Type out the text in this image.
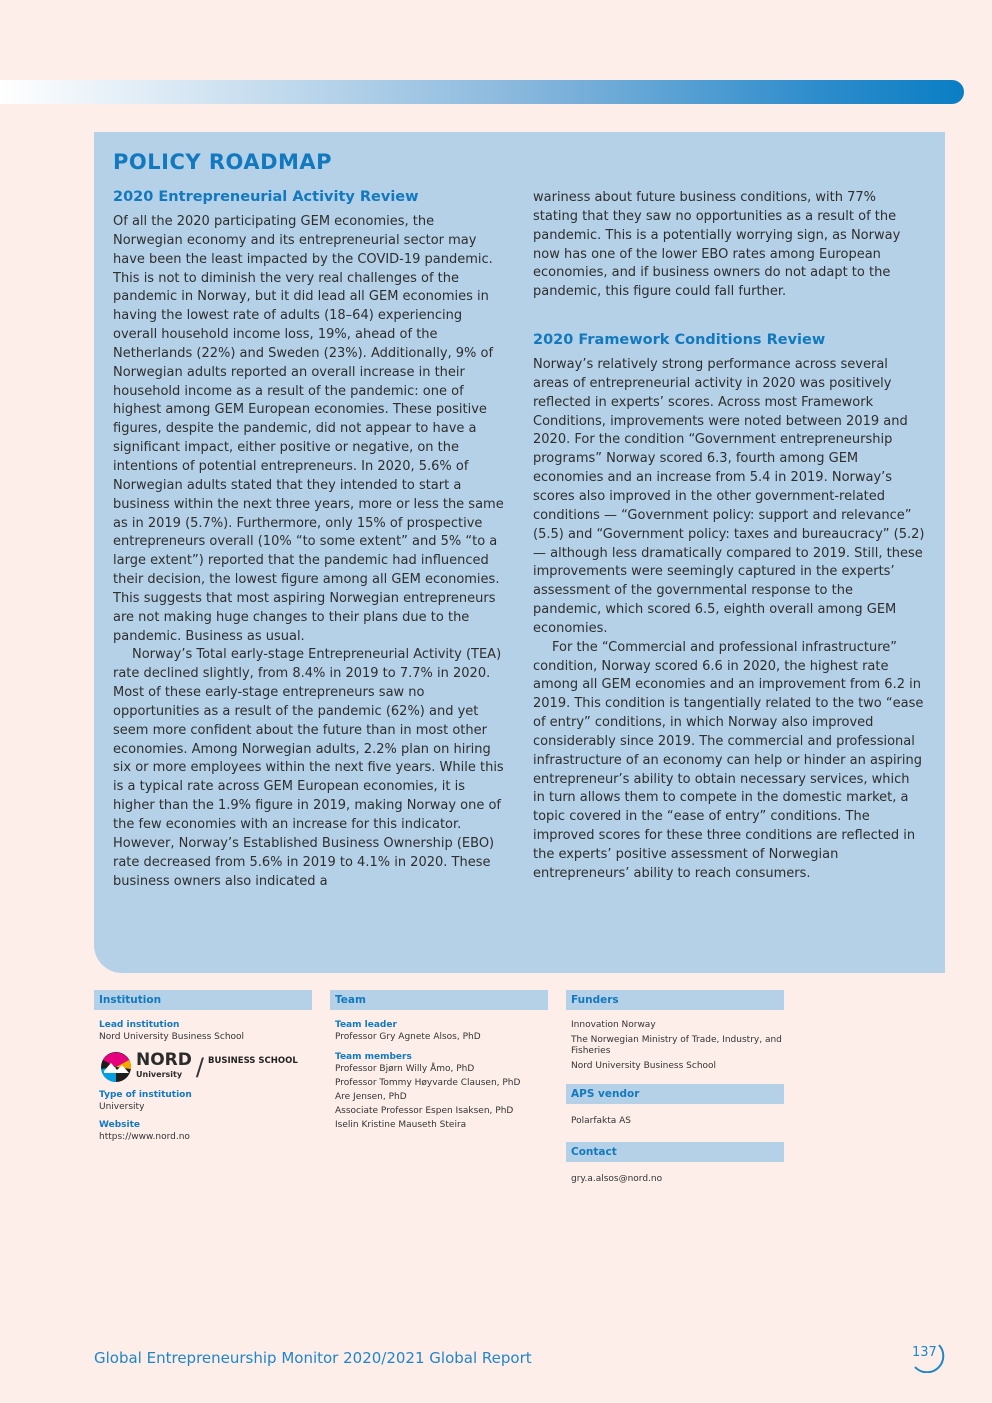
POLICY ROADMAP
2020 Entrepreneurial Activity Review

Of all the 2020 participating GEM economies, the Norwegian economy and its entrepreneurial sector may have been the least impacted by the COVID-19 pandemic. This is not to diminish the very real challenges of the pandemic in Norway, but it did lead all GEM economies in having the lowest rate of adults (18–64) experiencing overall household income loss, 19%, ahead of the Netherlands (22%) and Sweden (23%). Additionally, 9% of Norwegian adults reported an overall increase in their household income as a result of the pandemic: one of highest among GEM European economies. These positive figures, despite the pandemic, did not appear to have a significant impact, either positive or negative, on the intentions of potential entrepreneurs. In 2020, 5.6% of Norwegian adults stated that they intended to start a business within the next three years, more or less the same as in 2019 (5.7%). Furthermore, only 15% of prospective entrepreneurs overall (10% “to some extent” and 5% “to a large extent”) reported that the pandemic had influenced their decision, the lowest figure among all GEM economies. This suggests that most aspiring Norwegian entrepreneurs are not making huge changes to their plans due to the pandemic. Business as usual.

Norway’s Total early-stage Entrepreneurial Activity (TEA) rate declined slightly, from 8.4% in 2019 to 7.7% in 2020. Most of these early-stage entrepreneurs saw no opportunities as a result of the pandemic (62%) and yet seem more confident about the future than in most other economies. Among Norwegian adults, 2.2% plan on hiring six or more employees within the next five years. While this is a typical rate across GEM European economies, it is higher than the 1.9% figure in 2019, making Norway one of the few economies with an increase for this indicator. However, Norway’s Established Business Ownership (EBO) rate decreased from 5.6% in 2019 to 4.1% in 2020. These business owners also indicated a

wariness about future business conditions, with 77% stating that they saw no opportunities as a result of the pandemic. This is a potentially worrying sign, as Norway now has one of the lower EBO rates among European economies, and if business owners do not adapt to the pandemic, this figure could fall further.

2020 Framework Conditions Review

Norway’s relatively strong performance across several areas of entrepreneurial activity in 2020 was positively reflected in experts’ scores. Across most Framework Conditions, improvements were noted between 2019 and 2020. For the condition “Government entrepreneurship programs” Norway scored 6.3, fourth among GEM economies and an increase from 5.4 in 2019. Norway’s scores also improved in the other government-related conditions — “Government policy: support and relevance” (5.5) and “Government policy: taxes and bureaucracy” (5.2) — although less dramatically compared to 2019. Still, these improvements were seemingly captured in the experts’ assessment of the governmental response to the pandemic, which scored 6.5, eighth overall among GEM economies.

For the “Commercial and professional infrastructure” condition, Norway scored 6.6 in 2020, the highest rate among all GEM economies and an improvement from 6.2 in 2019. This condition is tangentially related to the two “ease of entry” conditions, in which Norway also improved considerably since 2019. The commercial and professional infrastructure of an economy can help or hinder an aspiring entrepreneur’s ability to obtain necessary services, which in turn allows them to compete in the domestic market, a topic covered in the “ease of entry” conditions. The improved scores for these three conditions are reflected in the experts’ positive assessment of Norwegian entrepreneurs’ ability to reach consumers.

Institution
Lead institution
Nord University Business School
NORD
University / BUSINESS SCHOOL
Type of institution
University
Website
https://www.nord.no
Team
Team leader
Professor Gry Agnete Alsos, PhD
Team members
Professor Bjørn Willy Åmo, PhD
Professor Tommy Høyvarde Clausen, PhD
Are Jensen, PhD
Associate Professor Espen Isaksen, PhD
Iselin Kristine Mauseth Steira
Funders
Innovation Norway
The Norwegian Ministry of Trade, Industry, and Fisheries
Nord University Business School
APS vendor
Polarfakta AS
Contact
gry.a.alsos@nord.no
Global Entrepreneurship Monitor 2020/2021 Global Report	137
